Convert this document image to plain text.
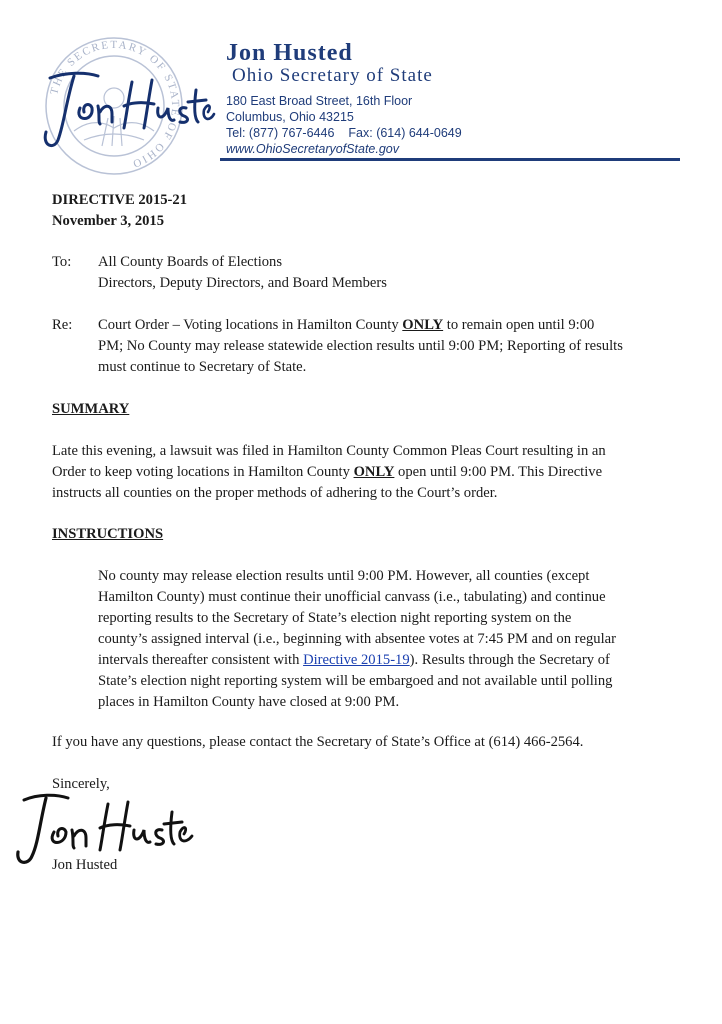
THE SECRETARY OF STATE OF OHIO
Jon Husted
Ohio Secretary of State
180 East Broad Street, 16th Floor
Columbus, Ohio 43215
Tel: (877) 767-6446 Fax: (614) 644-0649
www.OhioSecretaryofState.gov
DIRECTIVE 2015-21
November 3, 2015
To: All County Boards of Elections
Directors, Deputy Directors, and Board Members
Re: Court Order – Voting locations in Hamilton County ONLY to remain open until 9:00
PM; No County may release statewide election results until 9:00 PM; Reporting of results
must continue to Secretary of State.
SUMMARY
Late this evening, a lawsuit was filed in Hamilton County Common Pleas Court resulting in an
Order to keep voting locations in Hamilton County ONLY open until 9:00 PM. This Directive
instructs all counties on the proper methods of adhering to the Court’s order.
INSTRUCTIONS
No county may release election results until 9:00 PM. However, all counties (except
Hamilton County) must continue their unofficial canvass (i.e., tabulating) and continue
reporting results to the Secretary of State’s election night reporting system on the
county’s assigned interval (i.e., beginning with absentee votes at 7:45 PM and on regular
intervals thereafter consistent with Directive 2015-19). Results through the Secretary of
State’s election night reporting system will be embargoed and not available until polling
places in Hamilton County have closed at 9:00 PM.
If you have any questions, please contact the Secretary of State’s Office at (614) 466-2564.
Sincerely,
Jon Husted
